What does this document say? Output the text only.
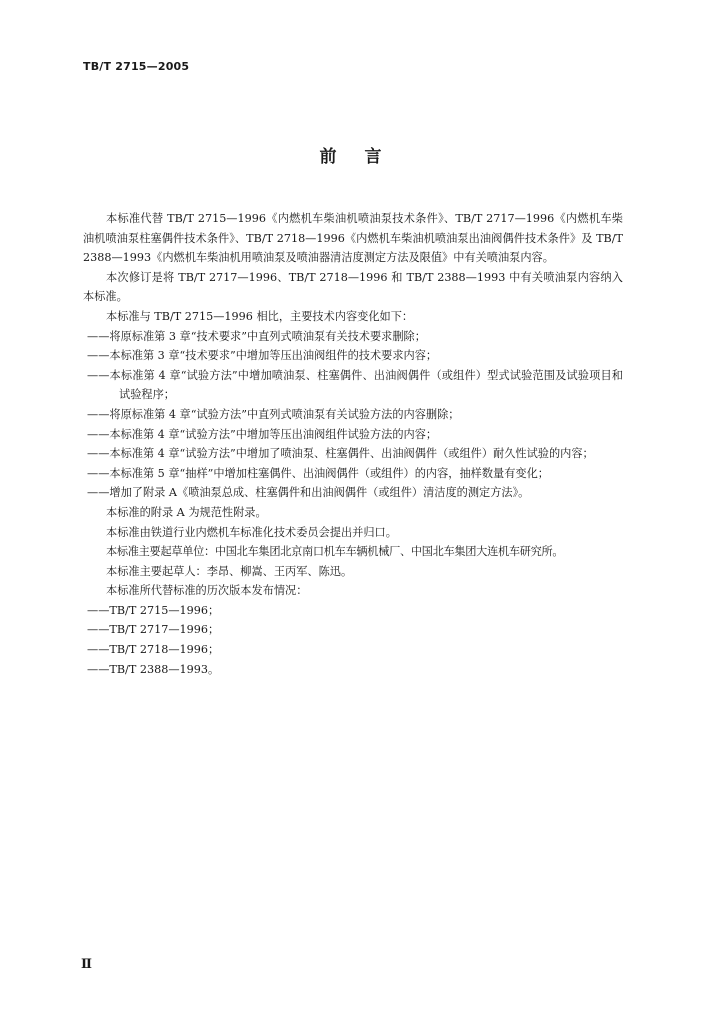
TB/T 2715—2005
前言

本标准代替 TB/T 2715—1996《内燃机车柴油机喷油泵技术条件》、TB/T 2717—1996《内燃机车柴油机喷油泵柱塞偶件技术条件》、TB/T 2718—1996《内燃机车柴油机喷油泵出油阀偶件技术条件》及 TB/T 2388—1993《内燃机车柴油机用喷油泵及喷油器清洁度测定方法及限值》中有关喷油泵内容。

本次修订是将 TB/T 2717—1996、TB/T 2718—1996 和 TB/T 2388—1993 中有关喷油泵内容纳入本标准。

本标准与 TB/T 2715—1996 相比，主要技术内容变化如下：

——将原标准第 3 章“技术要求”中直列式喷油泵有关技术要求删除；

——本标准第 3 章“技术要求”中增加等压出油阀组件的技术要求内容；

——本标准第 4 章“试验方法”中增加喷油泵、柱塞偶件、出油阀偶件（或组件）型式试验范围及试验项目和试验程序；

——将原标准第 4 章“试验方法”中直列式喷油泵有关试验方法的内容删除；

——本标准第 4 章“试验方法”中增加等压出油阀组件试验方法的内容；

——本标准第 4 章“试验方法”中增加了喷油泵、柱塞偶件、出油阀偶件（或组件）耐久性试验的内容；

——本标准第 5 章“抽样”中增加柱塞偶件、出油阀偶件（或组件）的内容，抽样数量有变化；

——增加了附录 A《喷油泵总成、柱塞偶件和出油阀偶件（或组件）清洁度的测定方法》。

本标准的附录 A 为规范性附录。

本标准由铁道行业内燃机车标准化技术委员会提出并归口。

本标准主要起草单位：中国北车集团北京南口机车车辆机械厂、中国北车集团大连机车研究所。

本标准主要起草人：李昂、柳嵩、王丙军、陈迅。

本标准所代替标准的历次版本发布情况：

——TB/T 2715—1996；

——TB/T 2717—1996；

——TB/T 2718—1996；

——TB/T 2388—1993。

Ⅱ
